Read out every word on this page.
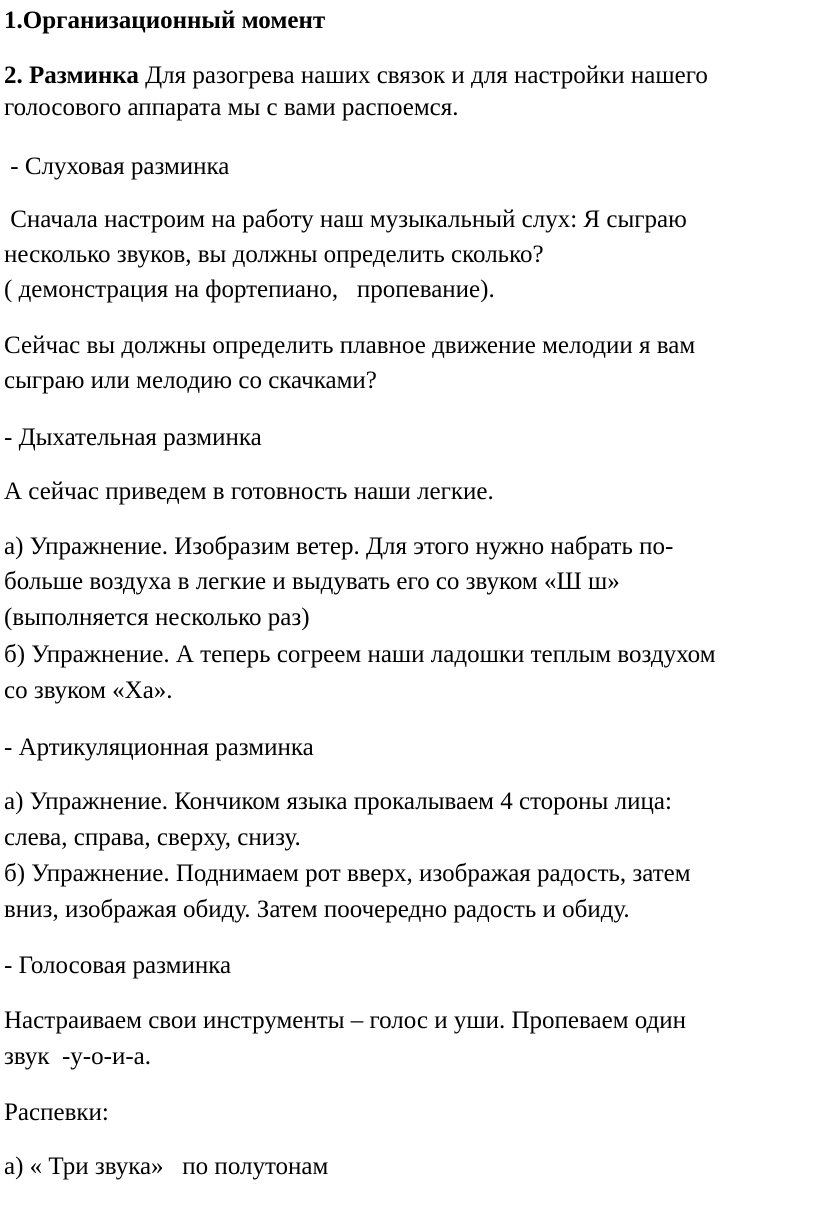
1.Организационный момент

2. Разминка Для разогрева наших связок и для настройки нашего

голосового аппарата мы с вами распоемся.

- Слуховая разминка

Сначала настроим на работу наш музыкальный слух: Я сыграю

несколько звуков, вы должны определить сколько?

( демонстрация на фортепиано,   пропевание).

Сейчас вы должны определить плавное движение мелодии я вам

сыграю или мелодию со скачками?

- Дыхательная разминка

А сейчас приведем в готовность наши легкие.

а) Упражнение. Изобразим ветер. Для этого нужно набрать по-

больше воздуха в легкие и выдувать его со звуком «Ш ш»

(выполняется несколько раз)

б) Упражнение. А теперь согреем наши ладошки теплым воздухом

со звуком «Ха».

- Артикуляционная разминка

а) Упражнение. Кончиком языка прокалываем 4 стороны лица:

слева, справа, сверху, снизу.

б) Упражнение. Поднимаем рот вверх, изображая радость, затем

вниз, изображая обиду. Затем поочередно радость и обиду.

- Голосовая разминка

Настраиваем свои инструменты – голос и уши. Пропеваем один

звук  -у-о-и-а.

Распевки:

а) « Три звука»   по полутонам
